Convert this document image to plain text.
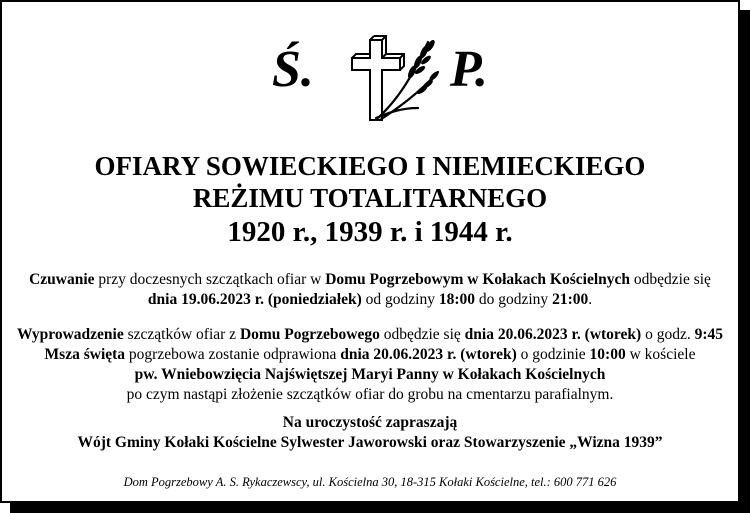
Ś.	P.
OFIARY SOWIECKIEGO I NIEMIECKIEGO
REŻIMU TOTALITARNEGO
1920 r., 1939 r. i 1944 r.
Czuwanie przy doczesnych szczątkach ofiar w Domu Pogrzebowym w Kołakach Kościelnych odbędzie się
dnia 19.06.2023 r. (poniedziałek) od godziny 18:00 do godziny 21:00.
Wyprowadzenie szczątków ofiar z Domu Pogrzebowego odbędzie się dnia 20.06.2023 r. (wtorek) o godz. 9:45
Msza święta pogrzebowa zostanie odprawiona dnia 20.06.2023 r. (wtorek) o godzinie 10:00 w kościele
pw. Wniebowzięcia Najświętszej Maryi Panny w Kołakach Kościelnych
po czym nastąpi złożenie szczątków ofiar do grobu na cmentarzu parafialnym.
Na uroczystość zapraszają
Wójt Gminy Kołaki Kościelne Sylwester Jaworowski oraz Stowarzyszenie „Wizna 1939”
Dom Pogrzebowy A. S. Rykaczewscy, ul. Kościelna 30, 18-315 Kołaki Kościelne, tel.: 600 771 626
